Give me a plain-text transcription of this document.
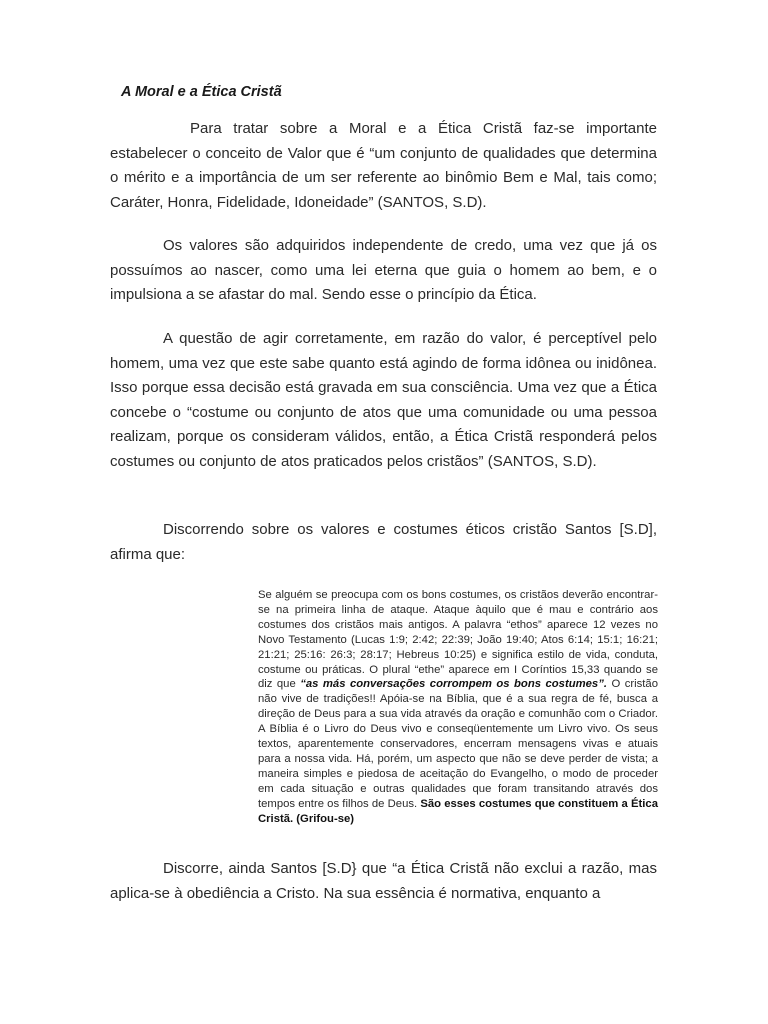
A Moral e a Ética Cristã

Para tratar sobre a Moral e a Ética Cristã faz-se importante estabelecer o conceito de Valor que é “um conjunto de qualidades que determina o mérito e a importância de um ser referente ao binômio Bem e Mal, tais como; Caráter, Honra, Fidelidade, Idoneidade” (SANTOS, S.D).

Os valores são adquiridos independente de credo, uma vez que já os possuímos ao nascer, como uma lei eterna que guia o homem ao bem, e o impulsiona a se afastar do mal. Sendo esse o princípio da Ética.

A questão de agir corretamente, em razão do valor, é perceptível pelo homem, uma vez que este sabe quanto está agindo de forma idônea ou inidônea. Isso porque essa decisão está gravada em sua consciência. Uma vez que a Ética concebe o “costume ou conjunto de atos que uma comunidade ou uma pessoa realizam, porque os consideram válidos, então, a Ética Cristã responderá pelos costumes ou conjunto de atos praticados pelos cristãos” (SANTOS, S.D).

Discorrendo sobre os valores e costumes éticos cristão Santos [S.D], afirma que:

Se alguém se preocupa com os bons costumes, os cristãos deverão encontrar-se na primeira linha de ataque. Ataque àquilo que é mau e contrário aos costumes dos cristãos mais antigos. A palavra “ethos” aparece 12 vezes no Novo Testamento (Lucas 1:9; 2:42; 22:39; João 19:40; Atos 6:14; 15:1; 16:21; 21:21; 25:16: 26:3; 28:17; Hebreus 10:25) e significa estilo de vida, conduta, costume ou práticas. O plural “ethe” aparece em I Coríntios 15,33 quando se diz que “as más conversações corrompem os bons costumes”. O cristão não vive de tradições!! Apóia-se na Bíblia, que é a sua regra de fé, busca a direção de Deus para a sua vida através da oração e comunhão com o Criador. A Bíblia é o Livro do Deus vivo e conseqüentemente um Livro vivo. Os seus textos, aparentemente conservadores, encerram mensagens vivas e atuais para a nossa vida. Há, porém, um aspecto que não se deve perder de vista; a maneira simples e piedosa de aceitação do Evangelho, o modo de proceder em cada situação e outras qualidades que foram transitando através dos tempos entre os filhos de Deus. São esses costumes que constituem a Ética Cristã. (Grifou-se)

Discorre, ainda Santos [S.D} que “a Ética Cristã não exclui a razão, mas aplica-se à obediência a Cristo. Na sua essência é normativa, enquanto a
